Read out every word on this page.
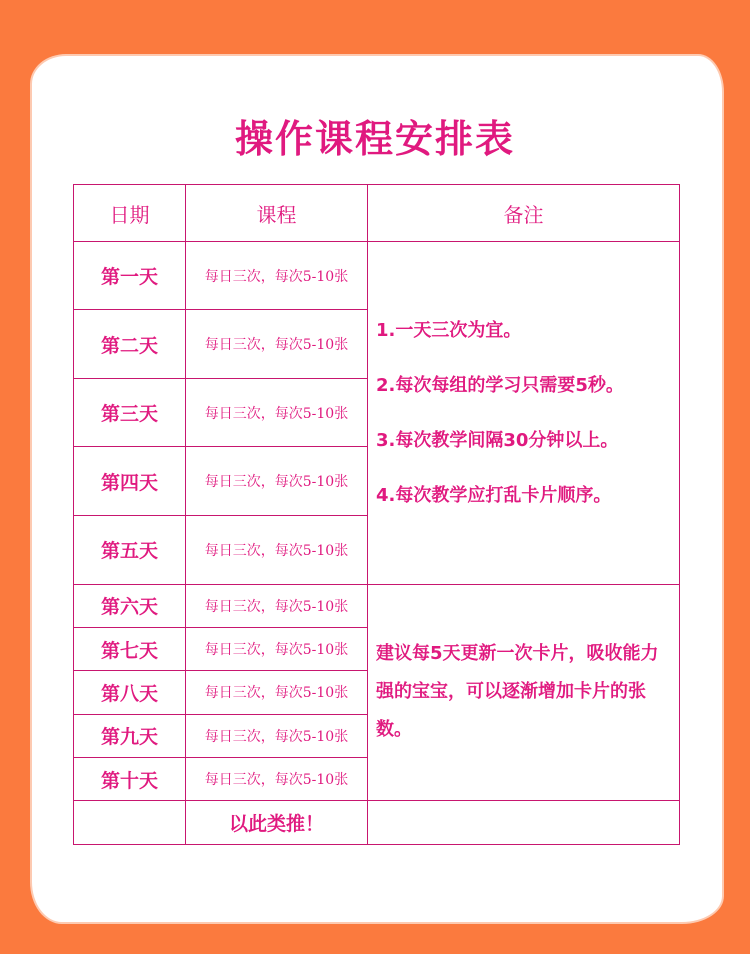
操作课程安排表
日期	课程	备注
第一天	每日三次，每次5-10张	1.一天三次为宜。

2.每次每组的学习只需要5秒。

3.每次教学间隔30分钟以上。

4.每次教学应打乱卡片顺序。

第二天	每日三次，每次5-10张	
第三天	每日三次，每次5-10张	
第四天	每日三次，每次5-10张	
第五天	每日三次，每次5-10张	
第六天	每日三次，每次5-10张	建议每5天更新一次卡片，吸收能力强的宝宝，可以逐渐增加卡片的张数。
第七天	每日三次，每次5-10张	
第八天	每日三次，每次5-10张	
第九天	每日三次，每次5-10张	
第十天	每日三次，每次5-10张	
	以此类推！	
